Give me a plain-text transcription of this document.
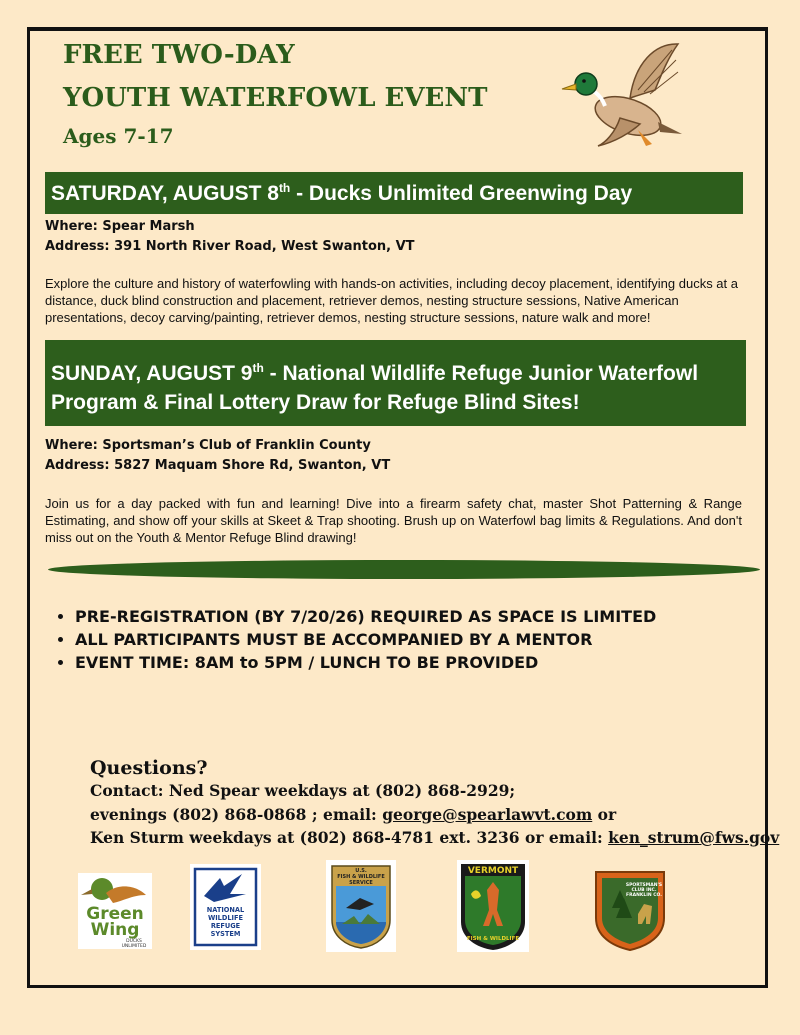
FREE TWO-DAY
YOUTH WATERFOWL EVENT
Ages 7-17
SATURDAY, AUGUST 8th - Ducks Unlimited Greenwing Day
Where: Spear Marsh
Address: 391 North River Road, West Swanton, VT
Explore the culture and history of waterfowling with hands-on activities, including decoy placement, identifying ducks at a distance, duck blind construction and placement, retriever demos, nesting structure sessions, Native American presentations, decoy carving/painting, retriever demos, nesting structure sessions, nature walk and more!
SUNDAY, AUGUST 9th - National Wildlife Refuge Junior Waterfowl
Program & Final Lottery Draw for Refuge Blind Sites!
Where: Sportsman’s Club of Franklin County
Address: 5827 Maquam Shore Rd, Swanton, VT
Join us for a day packed with fun and learning! Dive into a firearm safety chat, master Shot Patterning & Range Estimating, and show off your skills at Skeet & Trap shooting. Brush up on Waterfowl bag limits & Regulations. And don't miss out on the Youth & Mentor Refuge Blind drawing!
• PRE-REGISTRATION (BY 7/20/26) REQUIRED AS SPACE IS LIMITED
• ALL PARTICIPANTS MUST BE ACCOMPANIED BY A MENTOR
• EVENT TIME: 8AM to 5PM / LUNCH TO BE PROVIDED
Questions?
Contact: Ned Spear weekdays at (802) 868-2929;
evenings (802) 868-0868 ; email: george@spearlawvt.com or
Ken Sturm weekdays at (802) 868-4781 ext. 3236 or email: ken_strum@fws.gov
Green
Wing
DUCKS
UNLIMITED
NATIONAL
WILDLIFE
REFUGE
SYSTEM
U.S.
FISH & WILDLIFE
SERVICE
VERMONT
FISH & WILDLIFE
SPORTSMAN'S
CLUB INC.
FRANKLIN CO.
